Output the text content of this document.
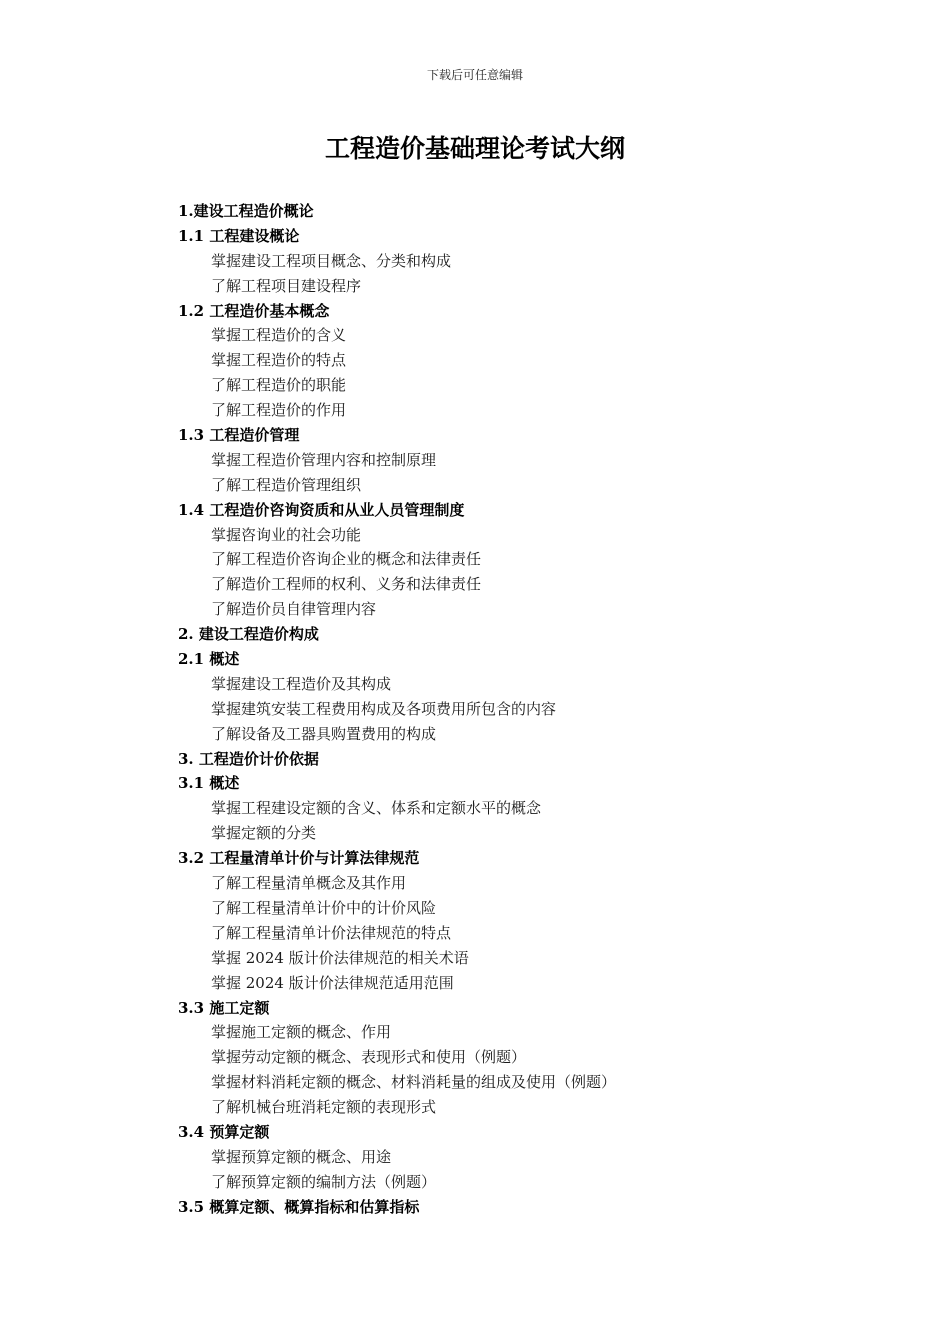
下载后可任意编辑
工程造价基础理论考试大纲
1.建设工程造价概论
1.1 工程建设概论
掌握建设工程项目概念、分类和构成
了解工程项目建设程序
1.2 工程造价基本概念
掌握工程造价的含义
掌握工程造价的特点
了解工程造价的职能
了解工程造价的作用
1.3 工程造价管理
掌握工程造价管理内容和控制原理
了解工程造价管理组织
1.4 工程造价咨询资质和从业人员管理制度
掌握咨询业的社会功能
了解工程造价咨询企业的概念和法律责任
了解造价工程师的权利、义务和法律责任
了解造价员自律管理内容
2. 建设工程造价构成
2.1 概述
掌握建设工程造价及其构成
掌握建筑安装工程费用构成及各项费用所包含的内容
了解设备及工器具购置费用的构成
3. 工程造价计价依据
3.1 概述
掌握工程建设定额的含义、体系和定额水平的概念
掌握定额的分类
3.2 工程量清单计价与计算法律规范
了解工程量清单概念及其作用
了解工程量清单计价中的计价风险
了解工程量清单计价法律规范的特点
掌握 2024 版计价法律规范的相关术语
掌握 2024 版计价法律规范适用范围
3.3 施工定额
掌握施工定额的概念、作用
掌握劳动定额的概念、表现形式和使用（例题）
掌握材料消耗定额的概念、材料消耗量的组成及使用（例题）
了解机械台班消耗定额的表现形式
3.4 预算定额
掌握预算定额的概念、用途
了解预算定额的编制方法（例题）
3.5 概算定额、概算指标和估算指标
